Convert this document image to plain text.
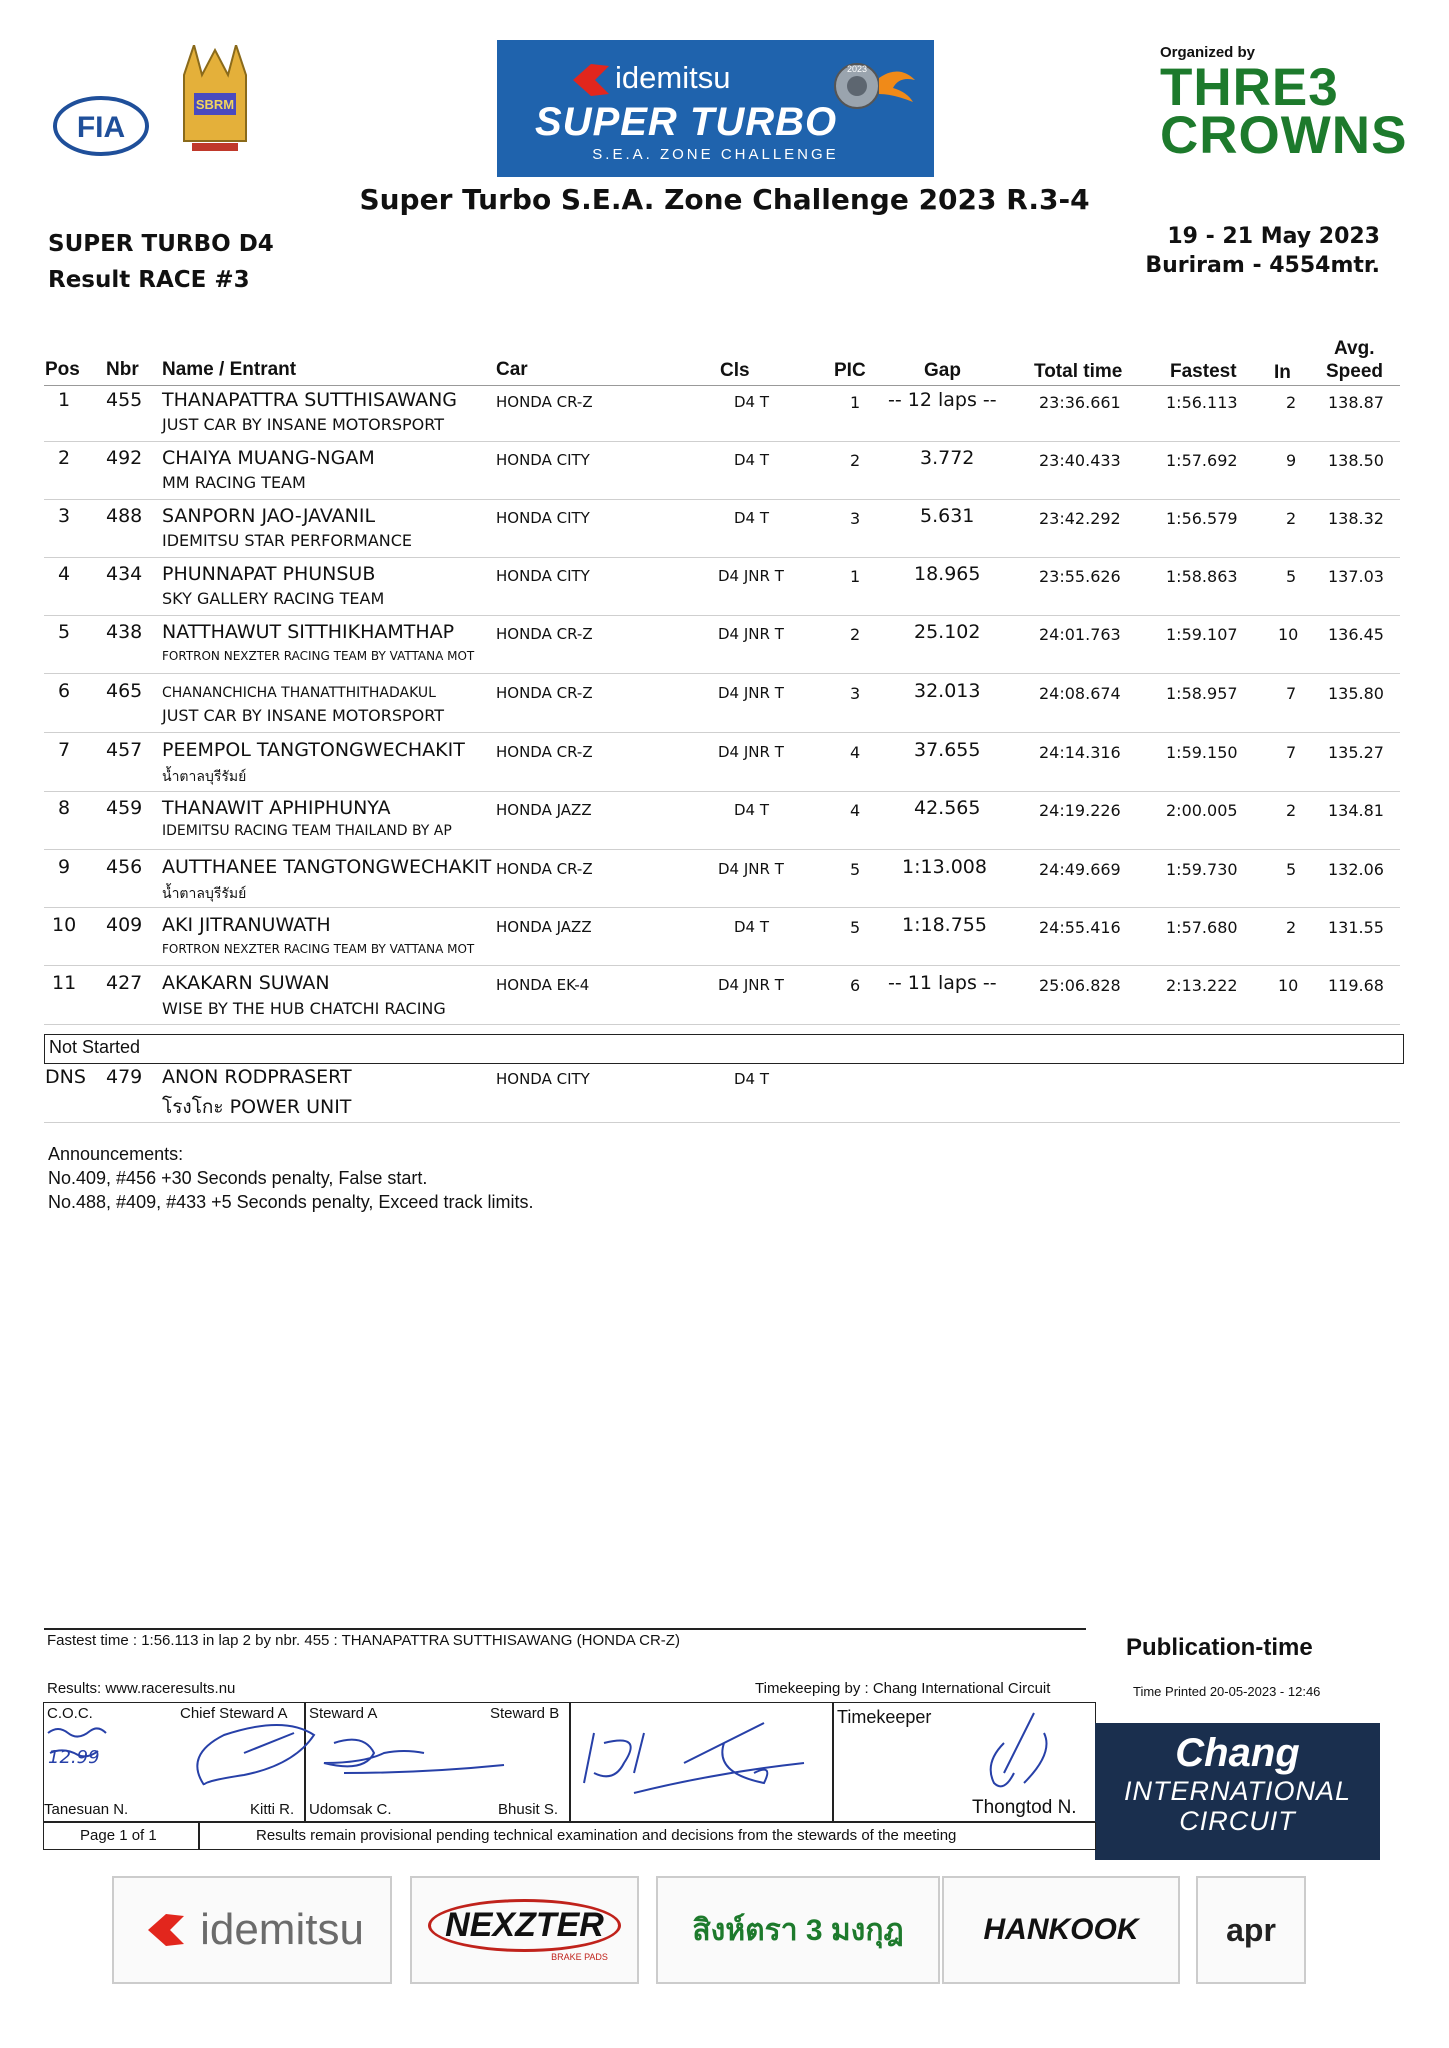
FIA
SBRM
idemitsu	2023
SUPER TURBO
S.E.A. ZONE CHALLENGE
Organized by
THRE3
CROWNS
Super Turbo S.E.A. Zone Challenge 2023 R.3-4
SUPER TURBO D4
Result RACE #3
19 - 21 May 2023
Buriram - 4554mtr.
Pos Nbr Name / Entrant	Car	Cls	PIC	Gap	Total time	Fastest In
Avg.
Speed
1 455 THANAPATTRA SUTTHISAWANG
JUST CAR BY INSANE MOTORSPORT
HONDA CR-Z	D4 T	1 -- 12 laps --	23:36.661	1:56.113	2 138.87
2 492 CHAIYA MUANG-NGAM
MM RACING TEAM
HONDA CITY	D4 T	2	3.772	23:40.433	1:57.692	9 138.50
3 488 SANPORN JAO-JAVANIL
IDEMITSU STAR PERFORMANCE
HONDA CITY	D4 T	3	5.631	23:42.292	1:56.579	2 138.32
4 434 PHUNNAPAT PHUNSUB
SKY GALLERY RACING TEAM
HONDA CITY	D4 JNR T	1	18.965	23:55.626	1:58.863	5 137.03
5 438 NATTHAWUT SITTHIKHAMTHAP
FORTRON NEXZTER RACING TEAM BY VATTANA MOT
HONDA CR-Z	D4 JNR T	2	25.102	24:01.763	1:59.107	10 136.45
6 465 CHANANCHICHA THANATTHITHADAKUL
JUST CAR BY INSANE MOTORSPORT
HONDA CR-Z	D4 JNR T	3	32.013	24:08.674	1:58.957	7 135.80
7 457 PEEMPOL TANGTONGWECHAKIT
น้ำตาลบุรีรัมย์
HONDA CR-Z	D4 JNR T	4	37.655	24:14.316	1:59.150	7 135.27
8 459 THANAWIT APHIPHUNYA
IDEMITSU RACING TEAM THAILAND BY AP
HONDA JAZZ	D4 T	4	42.565	24:19.226	2:00.005	2 134.81
9 456 AUTTHANEE TANGTONGWECHAKIT
น้ำตาลบุรีรัมย์
HONDA CR-Z	D4 JNR T	5 1:13.008	24:49.669	1:59.730	5 132.06
10 409 AKI JITRANUWATH
FORTRON NEXZTER RACING TEAM BY VATTANA MOT
HONDA JAZZ	D4 T	5 1:18.755	24:55.416	1:57.680	2 131.55
11 427 AKAKARN SUWAN
WISE BY THE HUB CHATCHI RACING
HONDA EK-4	D4 JNR T	6 -- 11 laps --	25:06.828	2:13.222	10 119.68
Not Started
DNS 479 ANON RODPRASERT
โรงโกะ POWER UNIT
HONDA CITY	D4 T
Announcements:
No.409, #456 +30 Seconds penalty, False start.
No.488, #409, #433 +5 Seconds penalty, Exceed track limits.
Fastest time : 1:56.113 in lap 2 by nbr. 455 : THANAPATTRA SUTTHISAWANG (HONDA CR-Z)
Results: www.raceresults.nu	Timekeeping by : Chang International Circuit
Publication-time
Time Printed 20-05-2023 - 12:46
C.O.C.	Chief Steward A Steward A	Steward B	Timekeeper
Tanesuan N.	Kitti R. Udomsak C.	Bhusit S.	Thongtod N.
12.99	Chang
INTERNATIONAL
CIRCUIT
Page 1 of 1	Results remain provisional pending technical examination and decisions from the stewards of the meeting
idemitsu	NEXZTER
BRAKE PADS
สิงห์ตรา 3 มงกุฎ	HANKOOK	apr
